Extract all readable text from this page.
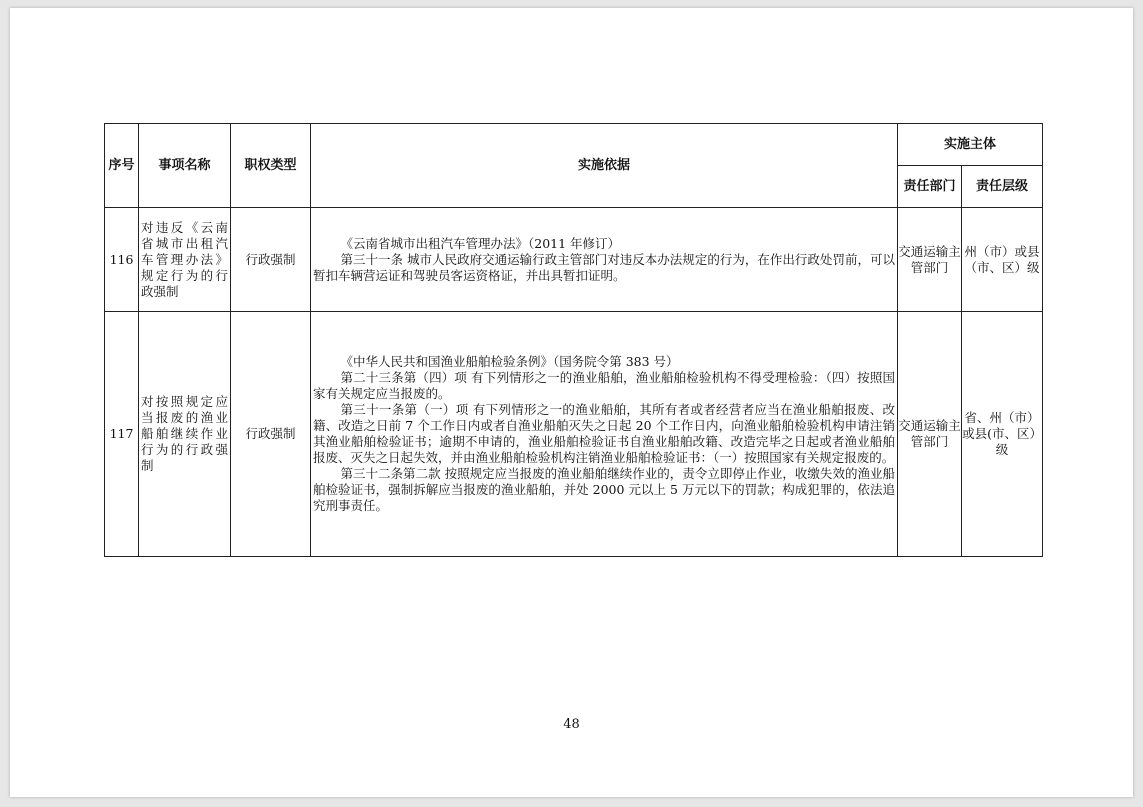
序号	事项名称	职权类型	实施依据	实施主体	
				责任部门	责任层级
116	对违反《云南省城市出租汽车管理办法》规定行为的行政强制	行政强制	《云南省城市出租汽车管理办法》（2011 年修订）

第三十一条 城市人民政府交通运输行政主管部门对违反本办法规定的行为，在作出行政处罚前，可以暂扣车辆营运证和驾驶员客运资格证，并出具暂扣证明。	交通运输主管部门	州（市）或县（市、区）级
117	对按照规定应当报废的渔业船舶继续作业行为的行政强制	行政强制	《中华人民共和国渔业船舶检验条例》（国务院令第 383 号）

第二十三条第（四）项 有下列情形之一的渔业船舶，渔业船舶检验机构不得受理检验：（四）按照国家有关规定应当报废的。

第三十一条第（一）项 有下列情形之一的渔业船舶，其所有者或者经营者应当在渔业船舶报废、改籍、改造之日前 7 个工作日内或者自渔业船舶灭失之日起 20 个工作日内，向渔业船舶检验机构申请注销其渔业船舶检验证书；逾期不申请的，渔业船舶检验证书自渔业船舶改籍、改造完毕之日起或者渔业船舶报废、灭失之日起失效，并由渔业船舶检验机构注销渔业船舶检验证书：（一）按照国家有关规定报废的。

第三十二条第二款 按照规定应当报废的渔业船舶继续作业的，责令立即停止作业，收缴失效的渔业船舶检验证书，强制拆解应当报废的渔业船舶，并处 2000 元以上 5 万元以下的罚款；构成犯罪的，依法追究刑事责任。	交通运输主管部门	省、州（市）或县(市、区）级
48
